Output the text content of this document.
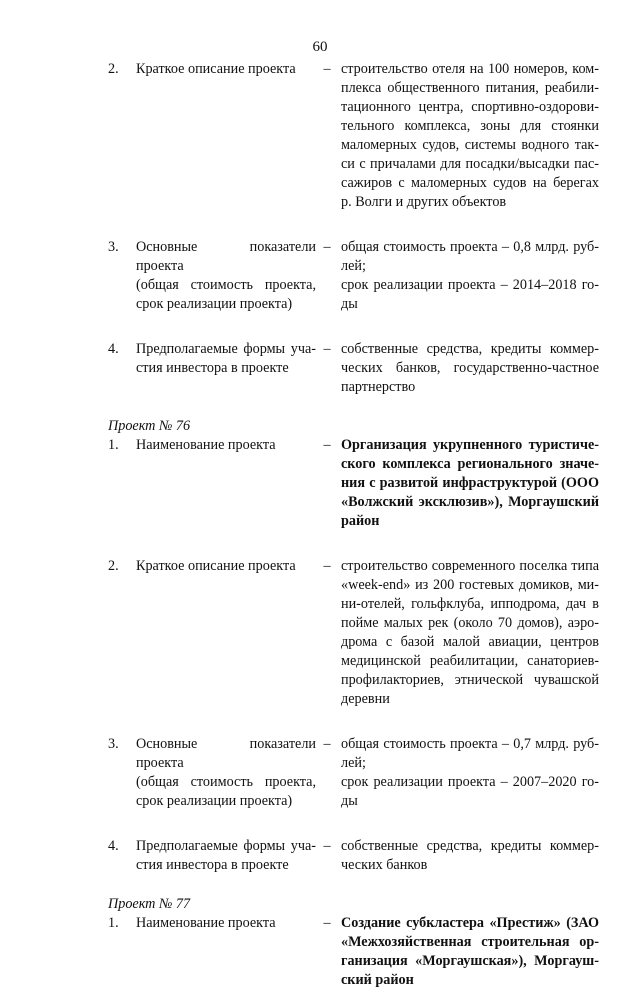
60
2. Краткое описание проекта	– строительство отеля на 100 номеров, ком-
плекса общественного питания, реабили-
тационного центра, спортивно-оздорови-
тельного комплекса, зоны для стоянки
маломерных судов, системы водного так-
си с причалами для посадки/высадки пас-
сажиров с маломерных судов на берегах
р. Волги и других объектов
3. Основные показатели проекта
(общая стоимость проекта,
срок реализации проекта)
– общая стоимость проекта – 0,8 млрд. руб-
лей;
срок реализации проекта – 2014–2018 го-
ды
4. Предполагаемые формы уча-
стия инвестора в проекте
– собственные средства, кредиты коммер-
ческих банков, государственно-частное
партнерство
Проект № 76
1. Наименование проекта	– Организация укрупненного туристиче-
ского комплекса регионального значе-
ния с развитой инфраструктурой (ООО
«Волжский эксклюзив»), Моргаушский
район
2. Краткое описание проекта	– строительство современного поселка типа
«week-end» из 200 гостевых домиков, ми-
ни-отелей, гольфклуба, ипподрома, дач в
пойме малых рек (около 70 домов), аэро-
дрома с базой малой авиации, центров
медицинской реабилитации, санаториев-
профилакториев, этнической чувашской
деревни
3. Основные показатели проекта
(общая стоимость проекта,
срок реализации проекта)
– общая стоимость проекта – 0,7 млрд. руб-
лей;
срок реализации проекта – 2007–2020 го-
ды
4. Предполагаемые формы уча-
стия инвестора в проекте
– собственные средства, кредиты коммер-
ческих банков
Проект № 77
1. Наименование проекта	– Создание субкластера «Престиж» (ЗАО
«Межхозяйственная строительная ор-
ганизация «Моргаушская»), Моргауш-
ский район
